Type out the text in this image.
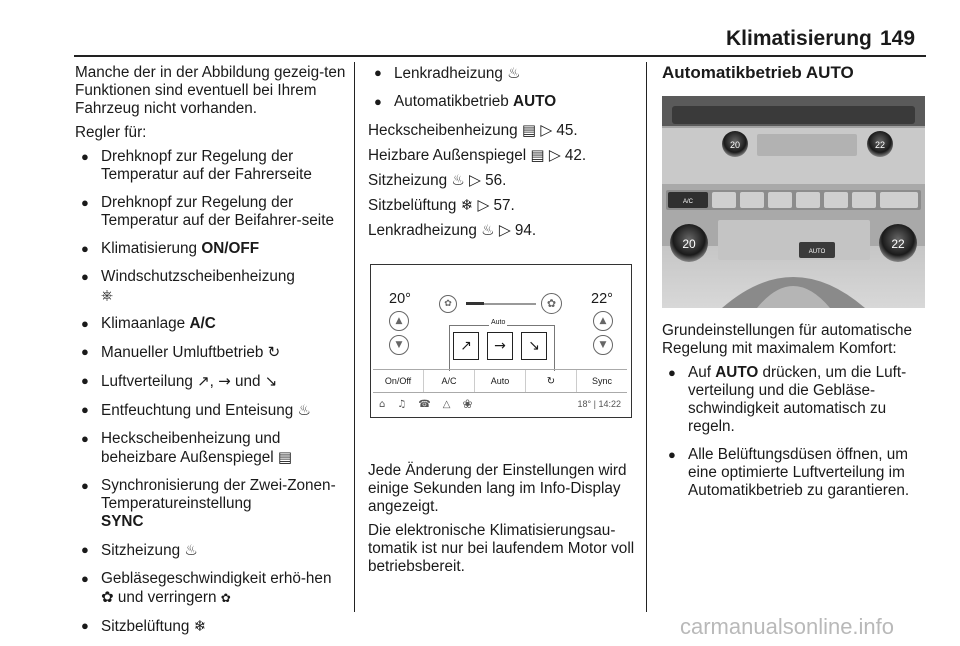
Klimatisierung 149

Manche der in der Abbildung gezeig-ten Funktionen sind eventuell bei Ihrem Fahrzeug nicht vorhanden.

Regler für:

● Drehknopf zur Regelung der Temperatur auf der Fahrerseite
● Drehknopf zur Regelung der Temperatur auf der Beifahrer-seite
● Klimatisierung ON/OFF
● Windschutzscheibenheizung
⎈
● Klimaanlage A/C
● Manueller Umluftbetrieb ↻
● Luftverteilung ↗, → und ↘
● Entfeuchtung und Enteisung ♨
● Heckscheibenheizung und beheizbare Außenspiegel ▤
● Synchronisierung der Zwei-Zonen-Temperatureinstellung
SYNC
● Sitzheizung ♨
● Gebläsegeschwindigkeit erhö-hen ✿ und verringern ✿
● Sitzbelüftung ❄
● Lenkradheizung ♨
● Automatikbetrieb AUTO

Heckscheibenheizung ▤ ▷ 45.

Heizbare Außenspiegel ▤ ▷ 42.

Sitzheizung ♨ ▷ 56.

Sitzbelüftung ❄ ▷ 57.

Lenkradheizung ♨ ▷ 94.

20°	22°
✿	✿
▲
▼
▲
▼
Auto
↗	→	↘
On/Off	A/C	Auto	↻	Sync
⌂ ♫ ☎ △ ❀	18° | 14:22

Jede Änderung der Einstellungen wird einige Sekunden lang im Info-Display angezeigt.

Die elektronische Klimatisierungsau-tomatik ist nur bei laufendem Motor voll betriebsbereit.

Automatikbetrieb AUTO
20	22
A/C
20	22
AUTO

Grundeinstellungen für automatische Regelung mit maximalem Komfort:

● Auf AUTO drücken, um die Luft-verteilung und die Gebläse-schwindigkeit automatisch zu regeln.
● Alle Belüftungsdüsen öffnen, um eine optimierte Luftverteilung im Automatikbetrieb zu garantieren.
carmanualsonline.info
